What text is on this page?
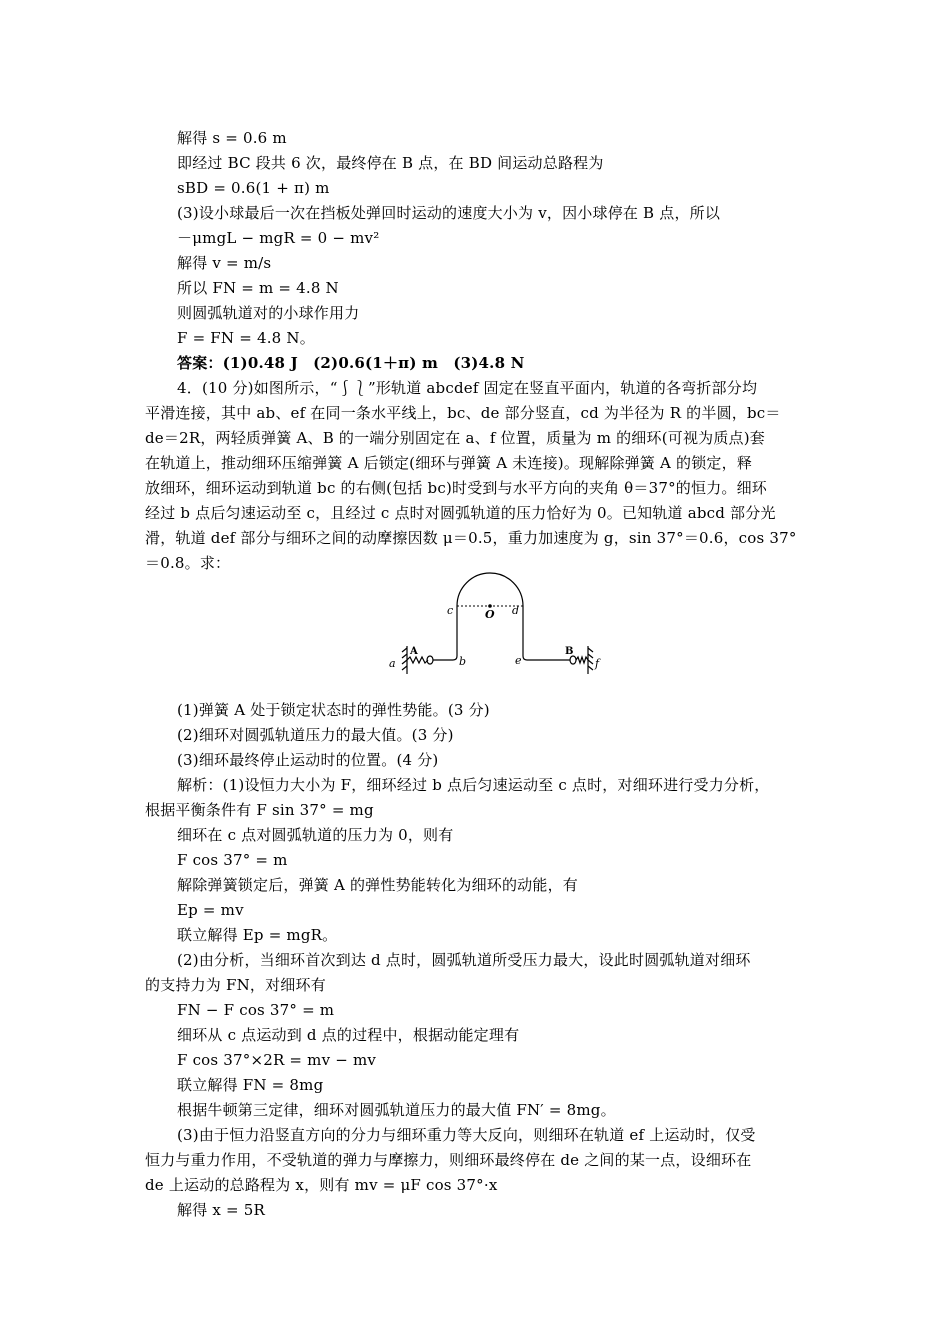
解得 s = 0.6 m
即经过 BC 段共 6 次，最终停在 B 点，在 BD 间运动总路程为
sBD = 0.6(1 + π) m
(3)设小球最后一次在挡板处弹回时运动的速度大小为 v，因小球停在 B 点，所以
－μmgL − mgR = 0 − mv²
解得 v = m/s
所以 FN = m = 4.8 N
则圆弧轨道对的小球作用力
F = FN = 4.8 N。
答案：(1)0.48 J　(2)0.6(1＋π) m　(3)4.8 N
4．(10 分)如图所示，“⎰⎱”形轨道 abcdef 固定在竖直平面内，轨道的各弯折部分均
平滑连接，其中 ab、ef 在同一条水平线上，bc、de 部分竖直，cd 为半径为 R 的半圆，bc＝
de＝2R，两轻质弹簧 A、B 的一端分别固定在 a、f 位置，质量为 m 的细环(可视为质点)套
在轨道上，推动细环压缩弹簧 A 后锁定(细环与弹簧 A 未连接)。现解除弹簧 A 的锁定，释
放细环，细环运动到轨道 bc 的右侧(包括 bc)时受到与水平方向的夹角 θ＝37°的恒力。细环
经过 b 点后匀速运动至 c，且经过 c 点时对圆弧轨道的压力恰好为 0。已知轨道 abcd 部分光
滑，轨道 def 部分与细环之间的动摩擦因数 μ＝0.5，重力加速度为 g，sin 37°＝0.6，cos 37°
＝0.8。求：
a	b
c	d
e	f
O
A	B
(1)弹簧 A 处于锁定状态时的弹性势能。(3 分)
(2)细环对圆弧轨道压力的最大值。(3 分)
(3)细环最终停止运动时的位置。(4 分)
解析：(1)设恒力大小为 F，细环经过 b 点后匀速运动至 c 点时，对细环进行受力分析，
根据平衡条件有 F sin 37° = mg
细环在 c 点对圆弧轨道的压力为 0，则有
F cos 37° = m
解除弹簧锁定后，弹簧 A 的弹性势能转化为细环的动能，有
Ep = mv
联立解得 Ep = mgR。
(2)由分析，当细环首次到达 d 点时，圆弧轨道所受压力最大，设此时圆弧轨道对细环
的支持力为 FN，对细环有
FN − F cos 37° = m
细环从 c 点运动到 d 点的过程中，根据动能定理有
F cos 37°×2R = mv − mv
联立解得 FN = 8mg
根据牛顿第三定律，细环对圆弧轨道压力的最大值 FN′ = 8mg。
(3)由于恒力沿竖直方向的分力与细环重力等大反向，则细环在轨道 ef 上运动时，仅受
恒力与重力作用，不受轨道的弹力与摩擦力，则细环最终停在 de 之间的某一点，设细环在
de 上运动的总路程为 x，则有 mv = μF cos 37°·x
解得 x = 5R
